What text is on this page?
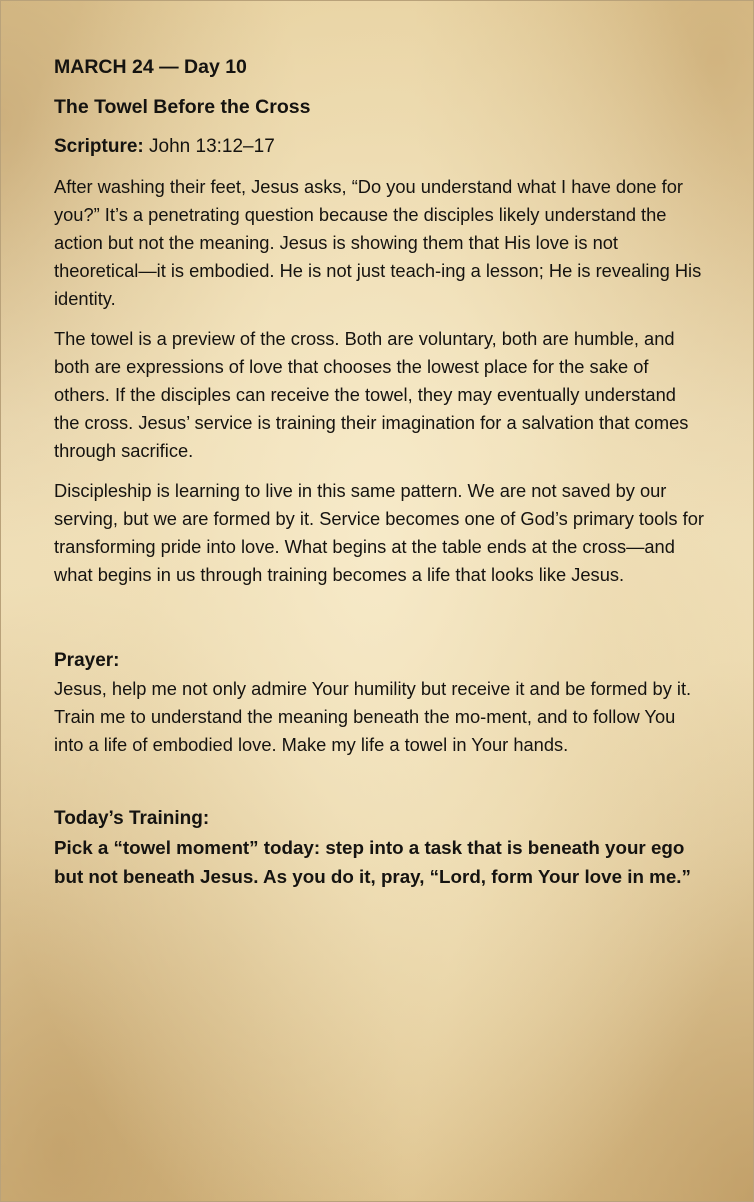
MARCH 24 — Day 10
The Towel Before the Cross
Scripture: John 13:12–17

After washing their feet, Jesus asks, “Do you understand what I have done for you?” It’s a penetrating question because the disciples likely understand the action but not the meaning. Jesus is showing them that His love is not theoretical—it is embodied. He is not just teach-ing a lesson; He is revealing His identity.

The towel is a preview of the cross. Both are voluntary, both are humble, and both are expressions of love that chooses the lowest place for the sake of others. If the disciples can receive the towel, they may eventually understand the cross. Jesus’ service is training their imagination for a salvation that comes through sacrifice.

Discipleship is learning to live in this same pattern. We are not saved by our serving, but we are formed by it. Service becomes one of God’s primary tools for transforming pride into love. What begins at the table ends at the cross—and what begins in us through training becomes a life that looks like Jesus.

Prayer:

Jesus, help me not only admire Your humility but receive it and be formed by it. Train me to understand the meaning beneath the mo-ment, and to follow You into a life of embodied love. Make my life a towel in Your hands.

Today’s Training:

Pick a “towel moment” today: step into a task that is beneath your ego but not beneath Jesus. As you do it, pray, “Lord, form Your love in me.”
